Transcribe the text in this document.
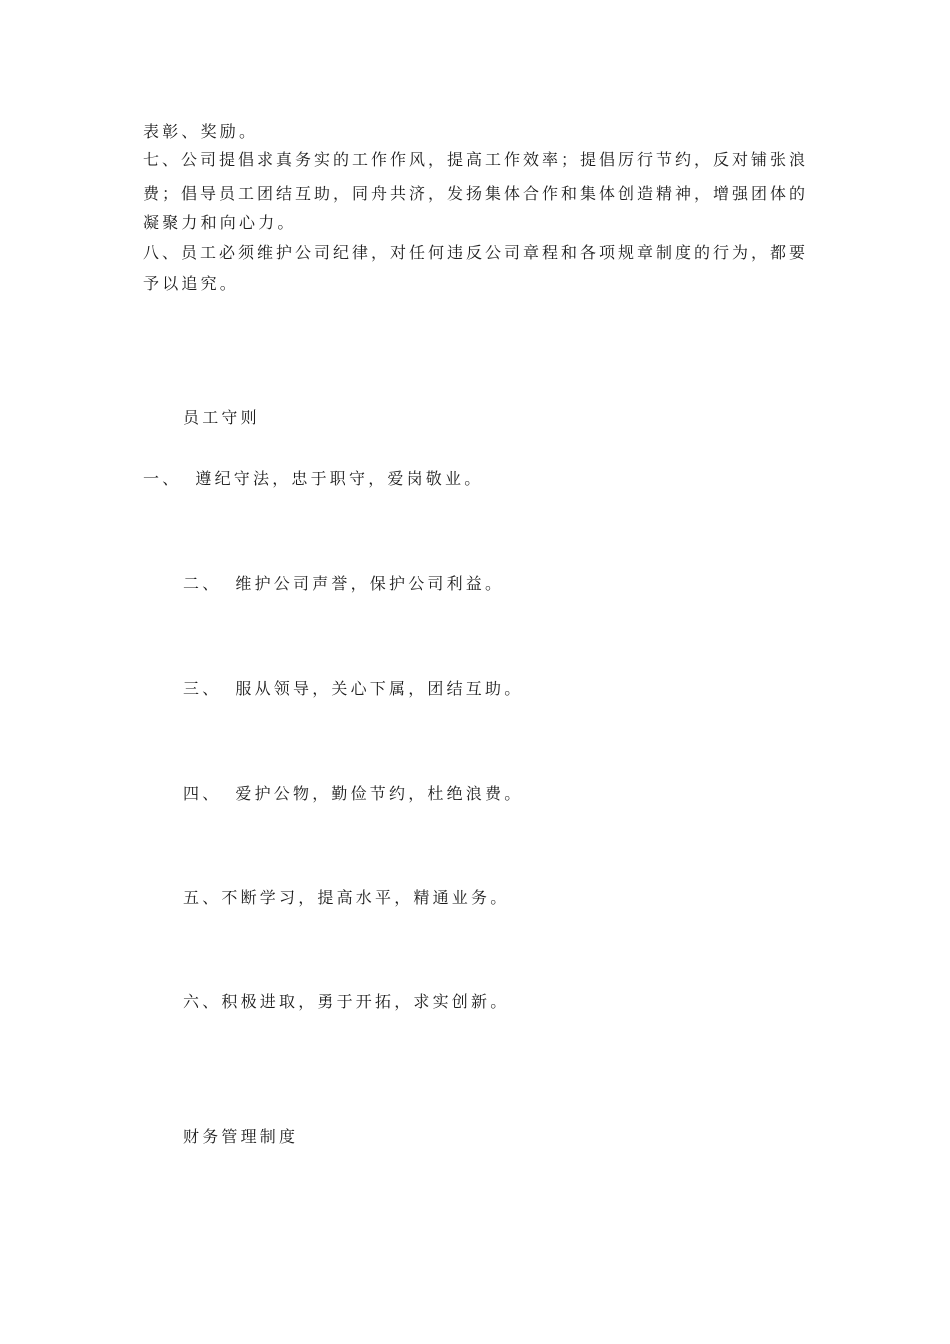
表彰、奖励。
七、公司提倡求真务实的工作作风，提高工作效率；提倡厉行节约，反对铺张浪
费；倡导员工团结互助，同舟共济，发扬集体合作和集体创造精神，增强团体的
凝聚力和向心力。
八、员工必须维护公司纪律，对任何违反公司章程和各项规章制度的行为，都要
予以追究。
员工守则
一、 遵纪守法，忠于职守，爱岗敬业。
二、 维护公司声誉，保护公司利益。
三、 服从领导，关心下属，团结互助。
四、 爱护公物，勤俭节约，杜绝浪费。
五、不断学习，提高水平，精通业务。
六、积极进取，勇于开拓，求实创新。
财务管理制度
